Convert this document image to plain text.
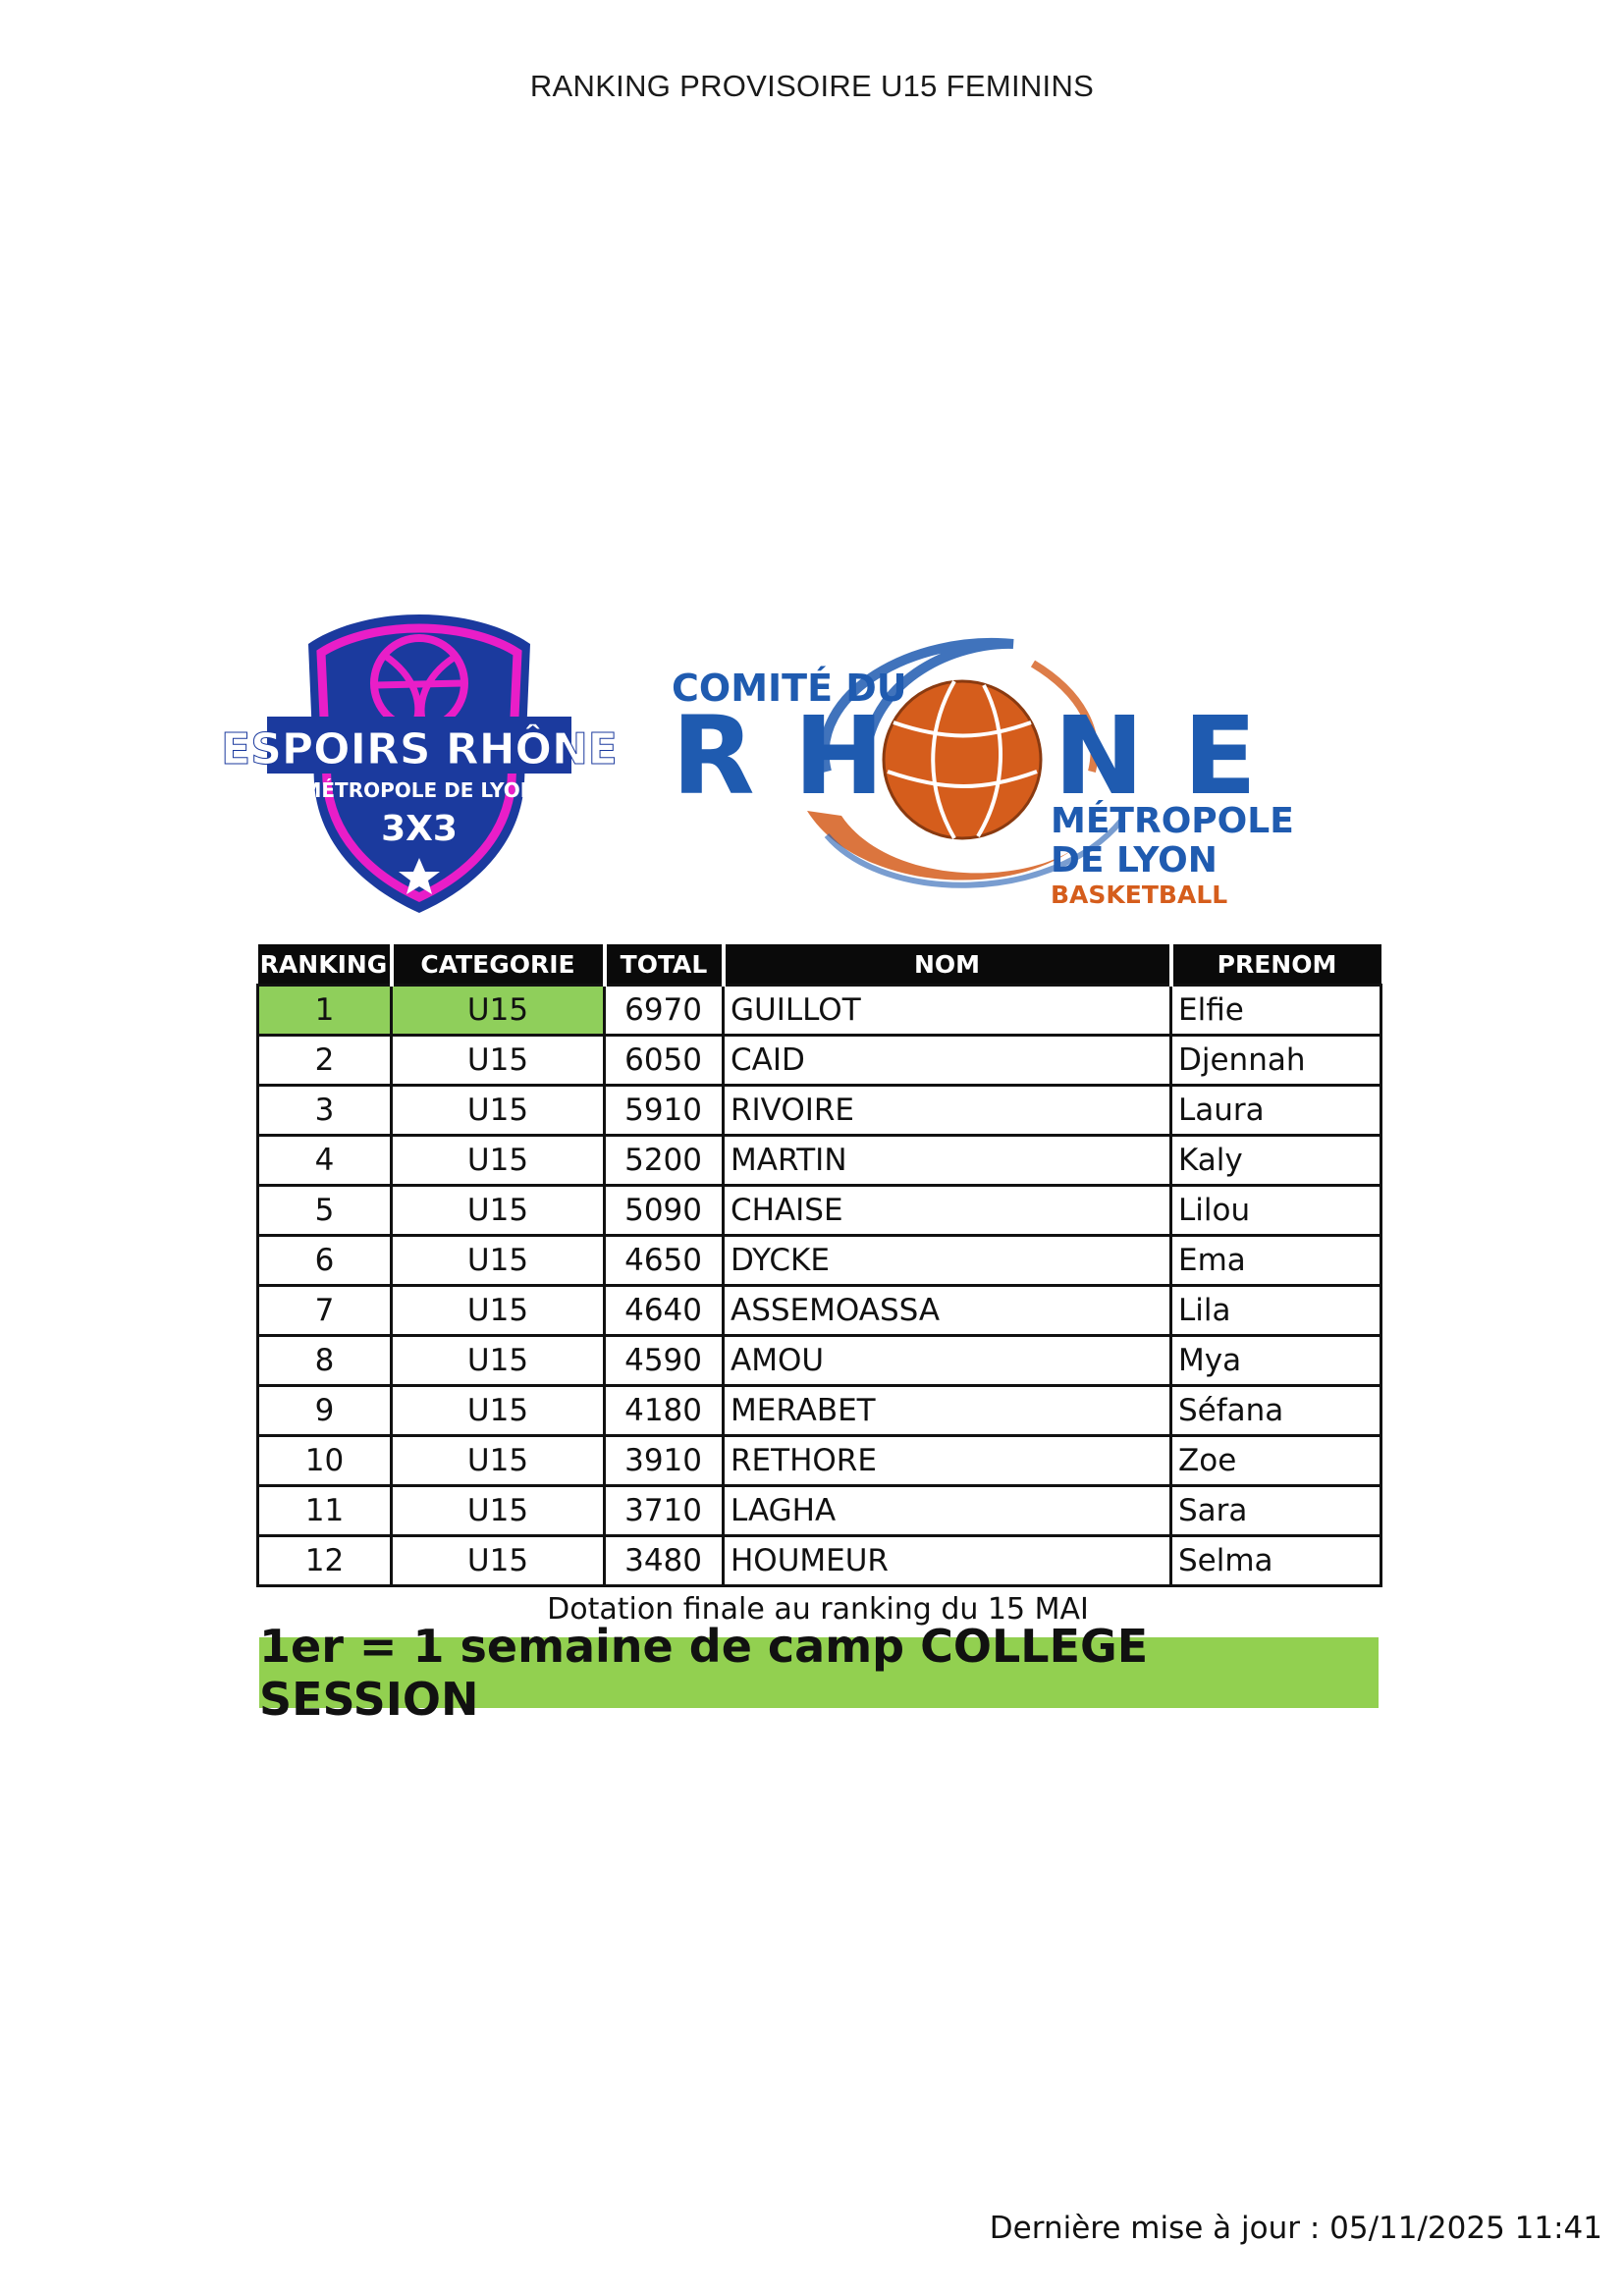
RANKING PROVISOIRE U15 FEMININS
ESPOIRS RHÔNE
MÉTROPOLE DE LYON
3X3
COMITÉ DU
RH NE
MÉTROPOLE
DE LYON
BASKETBALL
RANKING	CATEGORIE	TOTAL	NOM	PRENOM
1	U15	6970	GUILLOT	Elfie
2	U15	6050	CAID	Djennah
3	U15	5910	RIVOIRE	Laura
4	U15	5200	MARTIN	Kaly
5	U15	5090	CHAISE	Lilou
6	U15	4650	DYCKE	Ema
7	U15	4640	ASSEMOASSA	Lila
8	U15	4590	AMOU	Mya
9	U15	4180	MERABET	Séfana
10	U15	3910	RETHORE	Zoe
11	U15	3710	LAGHA	Sara
12	U15	3480	HOUMEUR	Selma
Dotation finale au ranking du 15 MAI
1er = 1 semaine de camp COLLEGE SESSION
Dernière mise à jour : 05/11/2025 11:41
